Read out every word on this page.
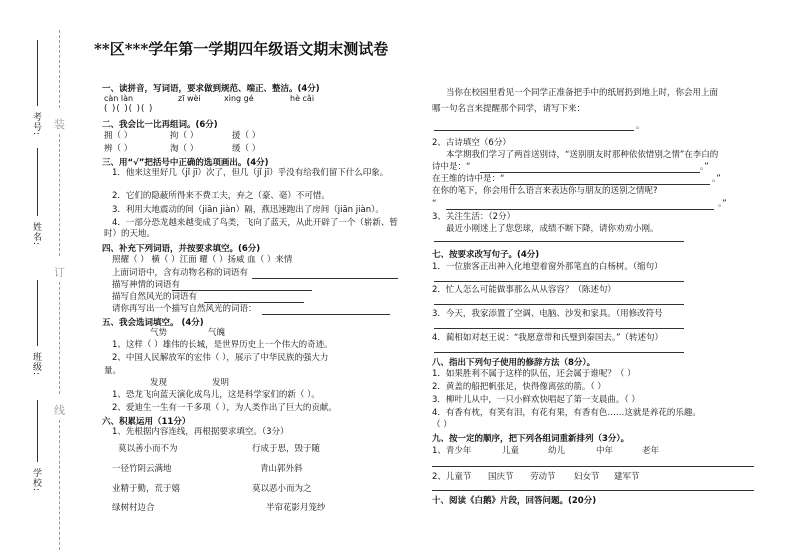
考号:
姓名:
班级:
学校:
装
订
线
**区***学年第一学期四年级语文期末测试卷
一、读拼音，写词语，要求做到规范、端正、整洁。(4分)
càn làn	zī wèi	xìng gé	hè cǎi
( )( )( )( )
二、我会比一比再组词。(6分)
拥（ ）	拘（ ）	援（ ）
辨（ ）	淘（ ）	缓（ ）
三、用“√”把括号中正确的选项画出。(4分)
1．他来这里好几（jǐ jī）次了，但几（jǐ jī）乎没有给我们留下什么印象。
2．它们的隐蔽所得来不费工夫，弃之（豪、毫）不可惜。
3．利用大地震动的间（jiān jiàn）隔，燕迅速跑出了房间（jiān jiàn）。
4．一部分恐龙越来越变成了鸟类，飞向了蓝天，从此开辟了一个（崭新、暂
时）的天地。
四、补充下列词语，并按要求填空。(6分)
照耀（ ） 横（ ）江面 耀（ ）扬威 血（ ）来情
上面词语中，含有动物名称的词语有
描写神情的词语有
描写自然风光的词语有
请你再写出一个描写自然风光的词语：
五、我会选词填空。 (4分)
气势	气魄
1、这样（ ）雄伟的长城，是世界历史上一个伟大的奇迹。
2、中国人民解放军的宏伟（ ），展示了中华民族的强大力
量。
发现	发明
1、恐龙飞向蓝天演化成鸟儿，这是科学家们的新（ ）。
2、爱迪生一生有一千多项（ ），为人类作出了巨大的贡献。
六、积累运用（11分）
1、先根据内容连线，再根据要求填空。（3分）
莫以善小而不为	行成于思，毁于随
一径竹阴云满地	青山郭外斜
业精于勤，荒于嬉	莫以恶小而为之
绿树村边合	半帘花影月笼纱
当你在校园里看见一个同学正准备把手中的纸屑扔到地上时，你会用上面
哪一句名言来提醒那个同学，请写下来：
。
2、古诗填空（6分）
本学期我们学习了两首送别诗，“送别朋友时那种依依惜别之情”在李白的
诗中是：“	。”
在王维的诗中是：“	。”
在你的笔下，你会用什么语言来表达你与朋友的送别之情呢?
“	。”
3、关注生活：（2分）
最近小刚迷上了您您球，成绩不断下降，请你劝劝小刚。
七、按要求改写句子。(4分)
1．一位旅客正出神入化地望着窗外那笔直的白杨树。（缩句）
2．忙人怎么可能做事那么从从容容？（陈述句）
3．今天，我家添置了空调、电脑、沙发和家具。（用修改符号
4．蔺相如对赵王说：“我愿意带和氏璧到秦国去。”（转述句）
八、指出下列句子使用的修辞方法（8分）。
1．如果胜利不属于这样的队伍，还会属于谁呢？（ ）
2．黄盖的船把帆张足，快得像离弦的箭。（ ）
3．柳叶儿从中，一只小鲜欢快唱起了第一支晨曲。（ ）
4．有香有枕，有笑有泪，有花有果，有香有色……这就是养花的乐趣。
（ ）
九、按一定的顺序，把下列各组词重新排列（3分）。
1、青少年	儿童	幼儿	中年	老年
2、儿童节 国庆节 劳动节 妇女节 建军节
十、阅读《白鹅》片段，回答问题。(20分)
